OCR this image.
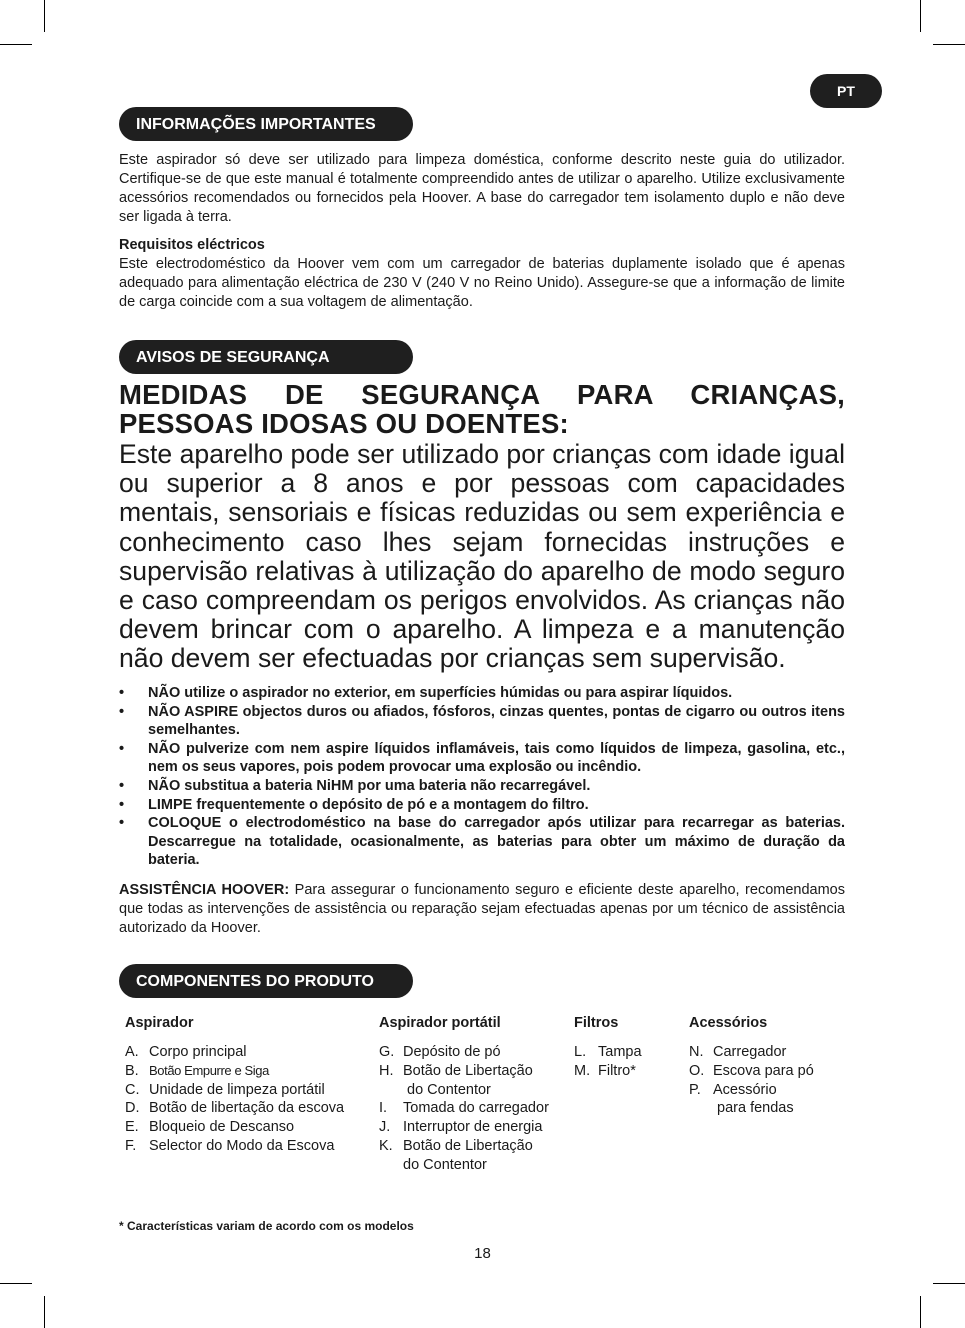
PT
INFORMAÇÕES IMPORTANTES

Este aspirador só deve ser utilizado para limpeza doméstica, conforme descrito neste guia do utilizador. Certifique-se de que este manual é totalmente compreendido antes de utilizar o aparelho. Utilize exclusivamente acessórios recomendados ou fornecidos pela Hoover. A base do carregador tem isolamento duplo e não deve ser ligada à terra.

Requisitos eléctricos

Este electrodoméstico da Hoover vem com um carregador de baterias duplamente isolado que é apenas adequado para alimentação eléctrica de 230 V (240 V no Reino Unido). Assegure-se que a informação de limite de carga coincide com a sua voltagem de alimentação.

AVISOS DE SEGURANÇA

MEDIDAS DE SEGURANÇA PARA CRIANÇAS, PESSOAS IDOSAS OU DOENTES:

Este aparelho pode ser utilizado por crianças com idade igual ou superior a 8 anos e por pessoas com capacidades mentais, sensoriais e físicas reduzidas ou sem experiência e conhecimento caso lhes sejam fornecidas instruções e supervisão relativas à utilização do aparelho de modo seguro e caso compreendam os perigos envolvidos. As crianças não devem brincar com o aparelho. A limpeza e a manutenção não devem ser efectuadas por crianças sem supervisão.

• NÃO utilize o aspirador no exterior, em superfícies húmidas ou para aspirar líquidos.
• NÃO ASPIRE objectos duros ou afiados, fósforos, cinzas quentes, pontas de cigarro ou outros itens semelhantes.
• NÃO pulverize com nem aspire líquidos inflamáveis, tais como líquidos de limpeza, gasolina, etc., nem os seus vapores, pois podem provocar uma explosão ou incêndio.
• NÃO substitua a bateria NiHM por uma bateria não recarregável.
• LIMPE frequentemente o depósito de pó e a montagem do filtro.
• COLOQUE o electrodoméstico na base do carregador após utilizar para recarregar as baterias. Descarregue na totalidade, ocasionalmente, as baterias para obter um máximo de duração da bateria.

ASSISTÊNCIA HOOVER: Para assegurar o funcionamento seguro e eficiente deste aparelho, recomendamos que todas as intervenções de assistência ou reparação sejam efectuadas apenas por um técnico de assistência autorizado da Hoover.

COMPONENTES DO PRODUTO
Aspirador
A. Corpo principal
B. Botão Empurre e Siga
C. Unidade de limpeza portátil
D. Botão de libertação da escova
E. Bloqueio de Descanso
F. Selector do Modo da Escova
Aspirador portátil
G. Depósito de pó
H. Botão de Libertação
do Contentor
I.	Tomada do carregador
J. Interruptor de energia
K. Botão de Libertação
do Contentor
Filtros
L. Tampa
M. Filtro*
Acessórios
N. Carregador
O. Escova para pó
P. Acessório
para fendas
* Características variam de acordo com os modelos
18
